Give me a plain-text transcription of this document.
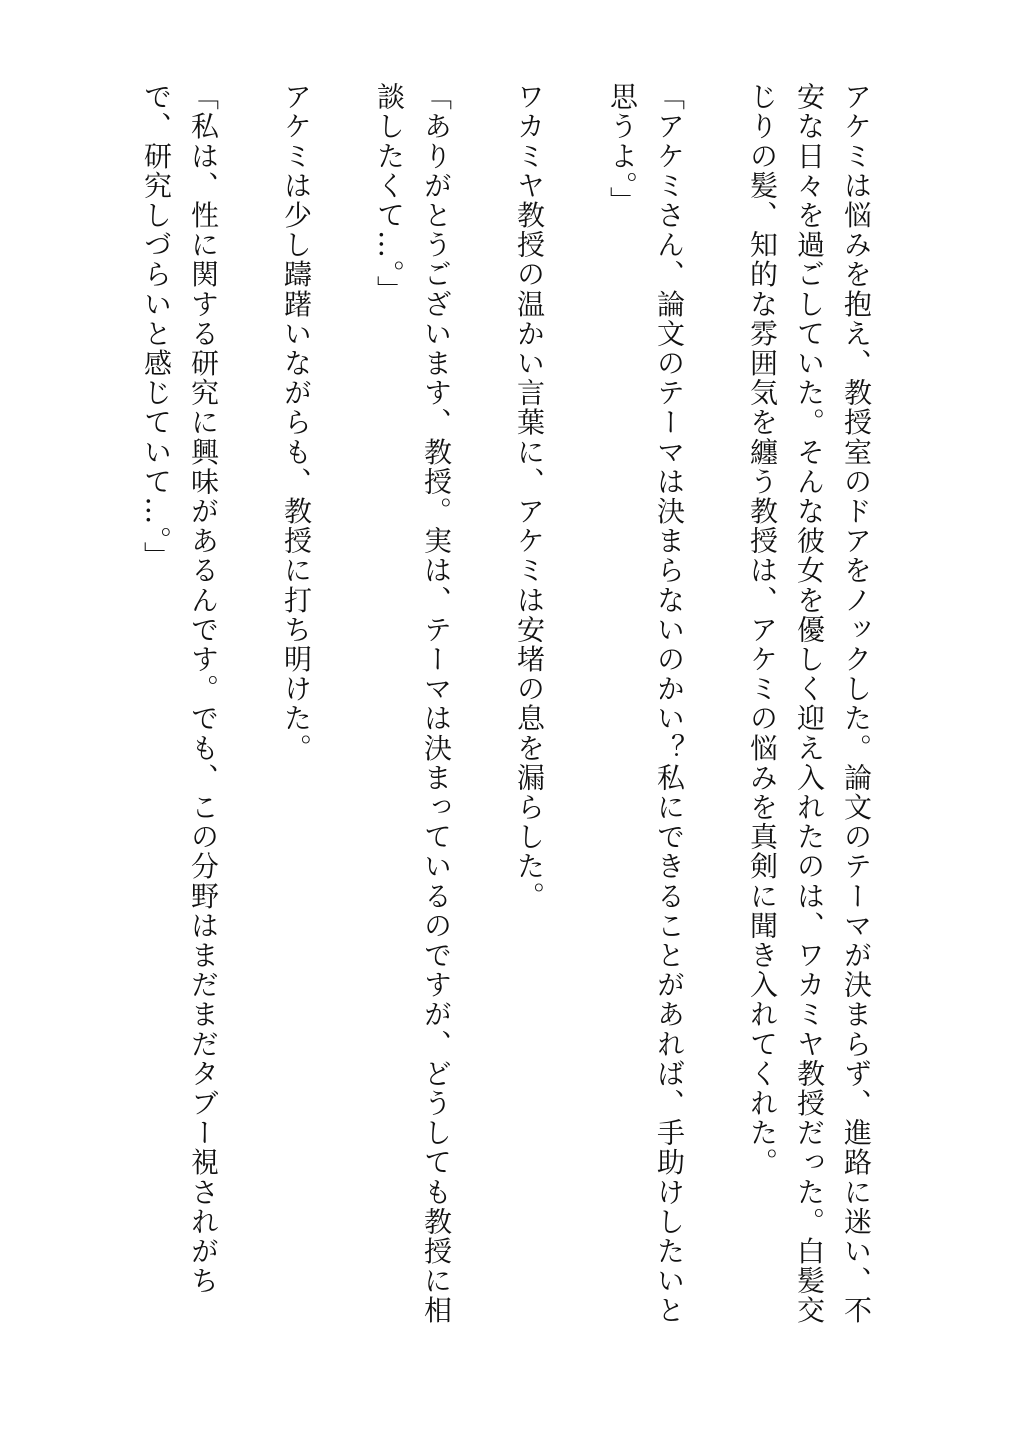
アケミは悩みを抱え、教授室のドアをノックした。論文のテーマが決まらず、進路に迷い、不安な日々を過ごしていた。そんな彼女を優しく迎え入れたのは、ワカミヤ教授だった。白髪交じりの髪、知的な雰囲気を纏う教授は、アケミの悩みを真剣に聞き入れてくれた。

「アケミさん、論文のテーマは決まらないのかい？私にできることがあれば、手助けしたいと思うよ。」

ワカミヤ教授の温かい言葉に、アケミは安堵の息を漏らした。

「ありがとうございます、教授。実は、テーマは決まっているのですが、どうしても教授に相談したくて…。」

アケミは少し躊躇いながらも、教授に打ち明けた。

「私は、性に関する研究に興味があるんです。でも、この分野はまだまだタブー視されがちで、研究しづらいと感じていて…。」
